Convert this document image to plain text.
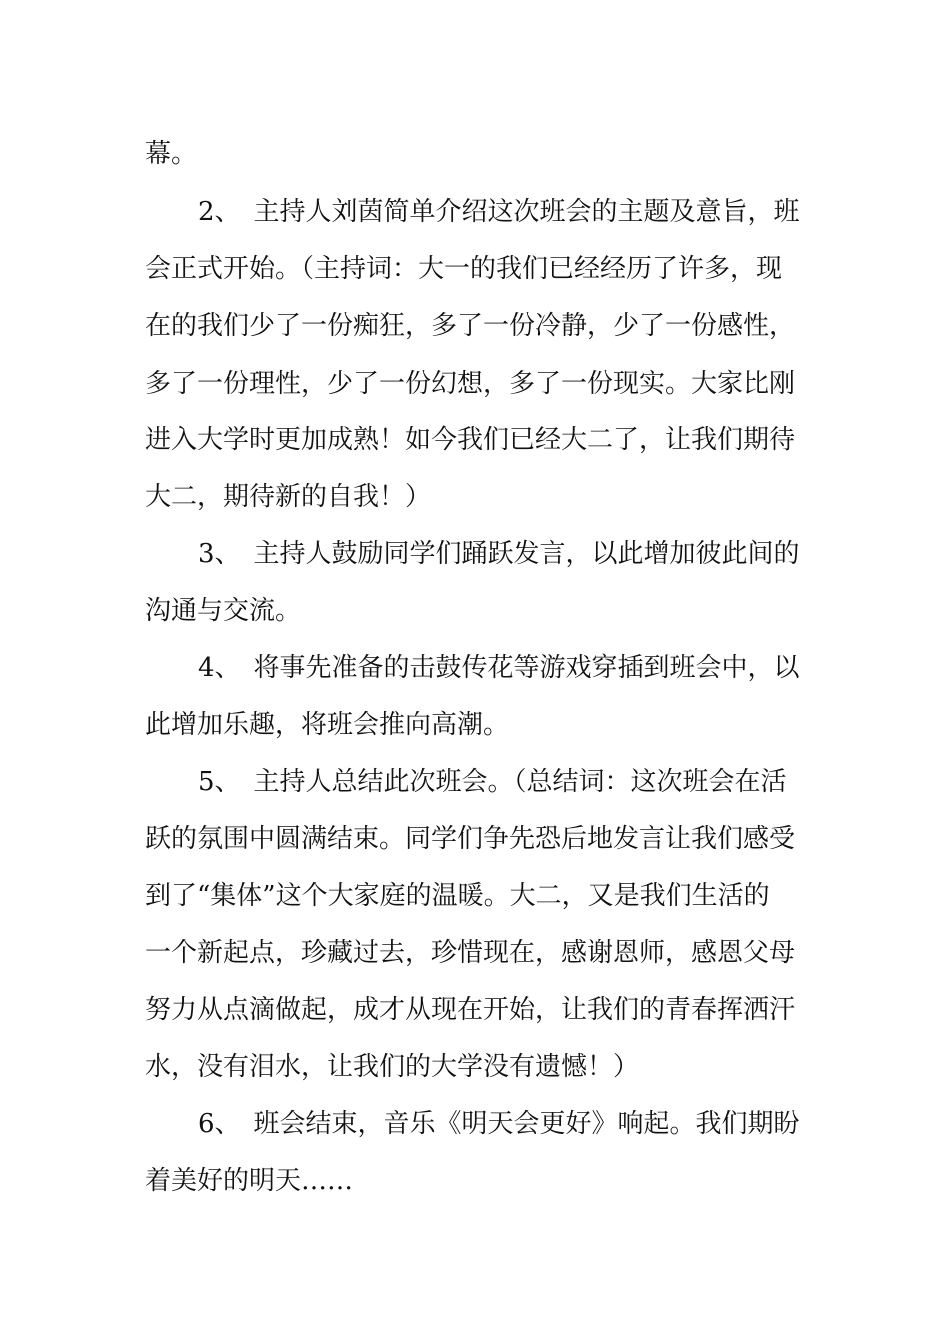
幕。
2、　主持人刘茵简单介绍这次班会的主题及意旨，班
会正式开始。（主持词：大一的我们已经经历了许多，现
在的我们少了一份痴狂，多了一份冷静，少了一份感性，
多了一份理性，少了一份幻想，多了一份现实。大家比刚
进入大学时更加成熟！如今我们已经大二了，让我们期待
大二，期待新的自我！）
3、　主持人鼓励同学们踊跃发言，以此增加彼此间的
沟通与交流。
4、　将事先准备的击鼓传花等游戏穿插到班会中，以
此增加乐趣，将班会推向高潮。
5、　主持人总结此次班会。（总结词：这次班会在活
跃的氛围中圆满结束。同学们争先恐后地发言让我们感受
到了“集体”这个大家庭的温暖。大二，又是我们生活的
一个新起点，珍藏过去，珍惜现在，感谢恩师，感恩父母
努力从点滴做起，成才从现在开始，让我们的青春挥洒汗
水，没有泪水，让我们的大学没有遗憾！）
6、　班会结束，音乐《明天会更好》响起。我们期盼
着美好的明天……
